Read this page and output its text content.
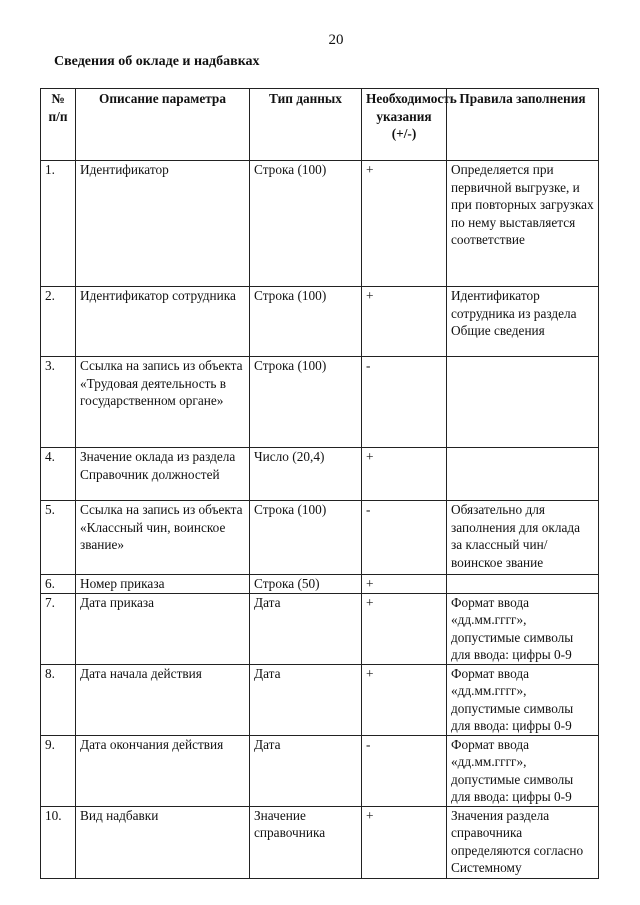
20
Сведения об окладе и надбавках
№ п/п	Описание параметра	Тип данных	Необходимость указания (+/-)	Правила заполнения
1.	Идентификатор	Строка (100)	+	Определяется при первичной выгрузке, и при повторных загрузках по нему выставляется соответствие
2.	Идентификатор сотрудника	Строка (100)	+	Идентификатор сотрудника из раздела Общие сведения
3.	Ссылка на запись из объекта «Трудовая деятельность в государственном органе»	Строка (100)	-	
4.	Значение оклада из раздела Справочник должностей	Число (20,4)	+	
5.	Ссылка на запись из объекта «Классный чин, воинское звание»	Строка (100)	-	Обязательно для заполнения для оклада за классный чин/воинское звание
6.	Номер приказа	Строка (50)	+	
7.	Дата приказа	Дата	+	Формат ввода «дд.мм.гггг», допустимые символы для ввода: цифры 0-9
8.	Дата начала действия	Дата	+	Формат ввода «дд.мм.гггг», допустимые символы для ввода: цифры 0-9
9.	Дата окончания действия	Дата	-	Формат ввода «дд.мм.гггг», допустимые символы для ввода: цифры 0-9
10.	Вид надбавки	Значение справочника	+	Значения раздела справочника определяются согласно Системному
